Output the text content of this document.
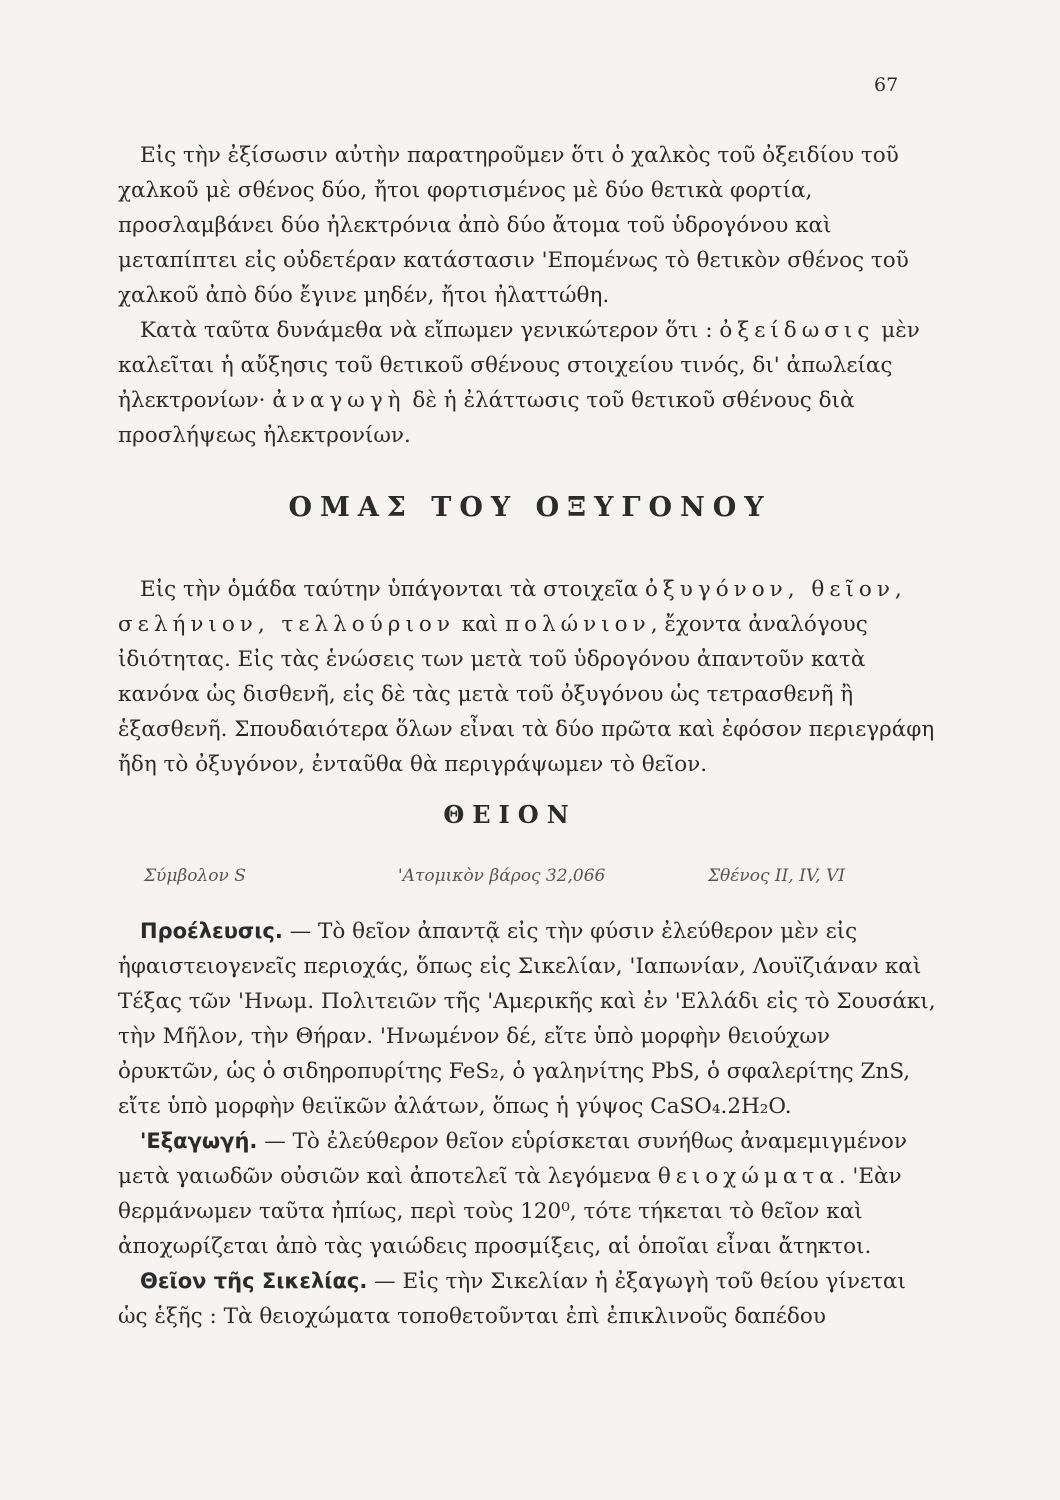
67

Εἰς τὴν ἐξίσωσιν αὐτὴν παρατηροῦμεν ὅτι ὁ χαλκὸς τοῦ ὀξειδίου τοῦ χαλκοῦ μὲ σθένος δύο, ἤτοι φορτισμένος μὲ δύο θετικὰ φορτία, προσλαμβάνει δύο ἠλεκτρόνια ἀπὸ δύο ἄτομα τοῦ ὑδρογόνου καὶ μεταπίπτει εἰς οὐδετέραν κατάστασιν 'Επομένως τὸ θετικὸν σθένος τοῦ χαλκοῦ ἀπὸ δύο ἔγινε μηδέν, ἤτοι ἠλαττώθη.

Κατὰ ταῦτα δυνάμεθα νὰ εἴπωμεν γενικώτερον ὅτι : ὀξείδωσις μὲν καλεῖται ἡ αὔξησις τοῦ θετικοῦ σθένους στοιχείου τινός, δι' ἀπωλείας ἠλεκτρονίων· ἀναγωγὴ δὲ ἡ ἐλάττωσις τοῦ θετικοῦ σθένους διὰ προσλήψεως ἠλεκτρονίων.

ΟΜΑΣ ΤΟΥ ΟΞΥΓΟΝΟΥ

Εἰς τὴν ὁμάδα ταύτην ὑπάγονται τὰ στοιχεῖα ὀξυγόνον, θεῖον, σελήνιον, τελλούριον καὶ πολώνιον, ἔχοντα ἀναλόγους ἰδιότητας. Εἰς τὰς ἑνώσεις των μετὰ τοῦ ὑδρογόνου ἀπαντοῦν κατὰ κανόνα ὡς δισθενῆ, εἰς δὲ τὰς μετὰ τοῦ ὀξυγόνου ὡς τετρασθενῆ ἢ ἑξασθενῆ. Σπουδαιότερα ὅλων εἶναι τὰ δύο πρῶτα καὶ ἐφόσον περιεγράφη ἤδη τὸ ὀξυγόνον, ἐνταῦθα θὰ περιγράψωμεν τὸ θεῖον.

ΘΕΙΟΝ
Σύμβολον S	'Ατομικὸν βάρος 32,066	Σθένος II, IV, VI

Προέλευσις. — Τὸ θεῖον ἀπαντᾷ εἰς τὴν φύσιν ἐλεύθερον μὲν εἰς ἡφαιστειογενεῖς περιοχάς, ὅπως εἰς Σικελίαν, 'Ιαπωνίαν, Λουϊζιάναν καὶ Τέξας τῶν 'Ηνωμ. Πολιτειῶν τῆς 'Αμερικῆς καὶ ἐν 'Ελλάδι εἰς τὸ Σουσάκι, τὴν Μῆλον, τὴν Θήραν. 'Ηνωμένον δέ, εἴτε ὑπὸ μορφὴν θειούχων ὀρυκτῶν, ὡς ὁ σιδηροπυρίτης FeS₂, ὁ γαληνίτης PbS, ὁ σφαλερίτης ZnS, εἴτε ὑπὸ μορφὴν θειϊκῶν ἀλάτων, ὅπως ἡ γύψος CaSO₄.2H₂O.

'Εξαγωγή. — Τὸ ἐλεύθερον θεῖον εὑρίσκεται συνήθως ἀναμεμιγμένον μετὰ γαιωδῶν οὐσιῶν καὶ ἀποτελεῖ τὰ λεγόμενα θειοχώματα. 'Εὰν θερμάνωμεν ταῦτα ἠπίως, περὶ τοὺς 120⁰, τότε τήκεται τὸ θεῖον καὶ ἀποχωρίζεται ἀπὸ τὰς γαιώδεις προσμίξεις, αἱ ὁποῖαι εἶναι ἄτηκτοι.

Θεῖον τῆς Σικελίας. — Εἰς τὴν Σικελίαν ἡ ἐξαγωγὴ τοῦ θείου γίνεται ὡς ἑξῆς : Τὰ θειοχώματα τοποθετοῦνται ἐπὶ ἐπικλινοῦς δαπέδου
